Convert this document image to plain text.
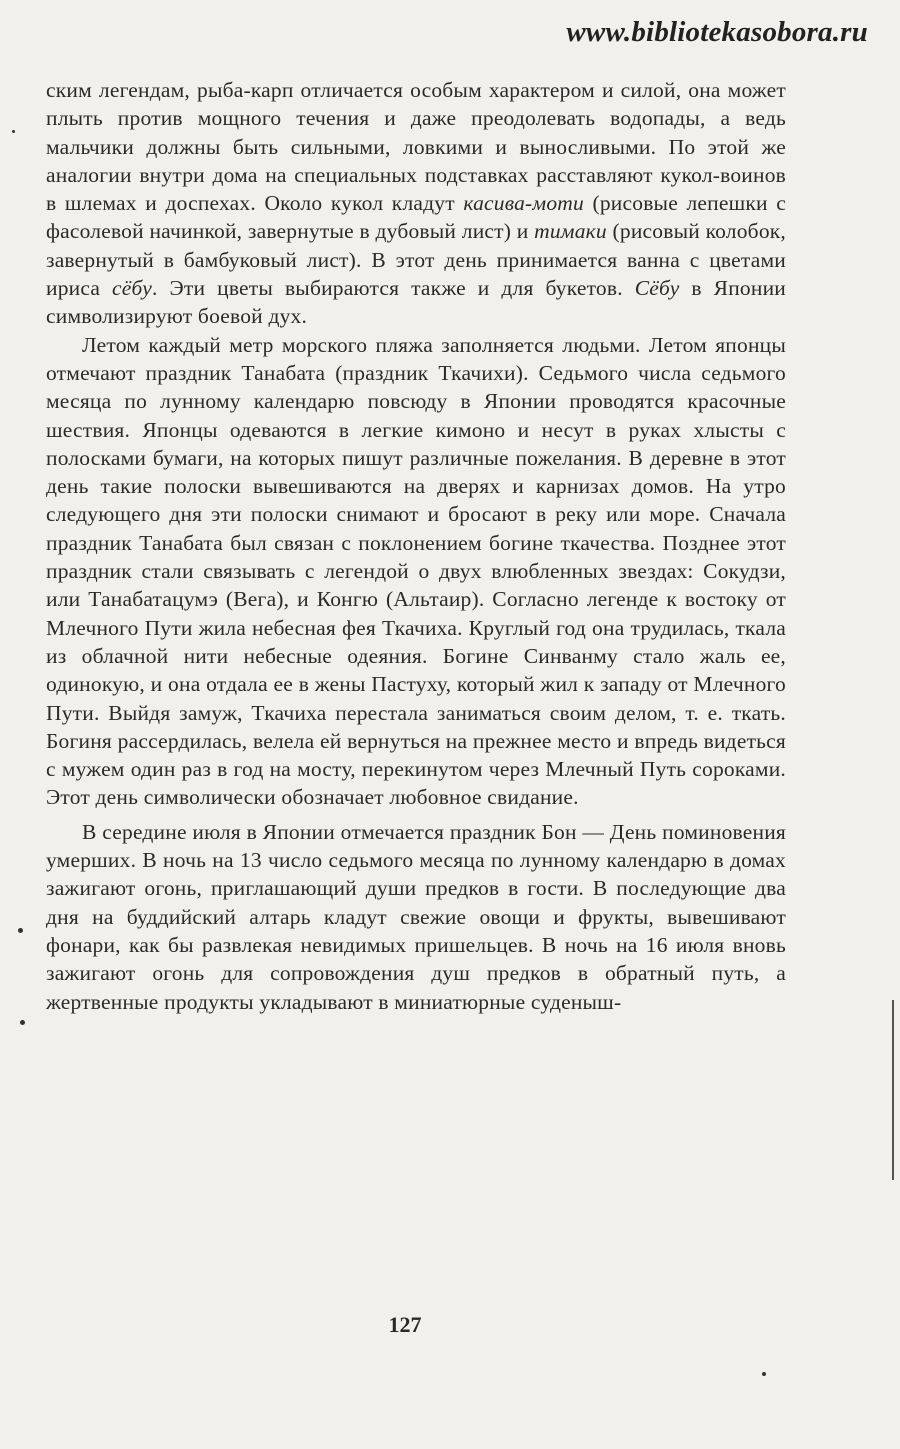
www.bibliotekasobora.ru

ским легендам, рыба-карп отличается особым характером и силой, она может плыть против мощного течения и даже преодолевать водопады, а ведь мальчики должны быть сильными, ловкими и выносливыми. По этой же аналогии внутри дома на специальных подставках расставляют кукол-воинов в шлемах и доспехах. Около кукол кладут касива-моти (рисовые лепешки с фасолевой начинкой, завернутые в дубовый лист) и тимаки (рисовый колобок, завернутый в бамбуковый лист). В этот день принимается ванна с цветами ириса сёбу. Эти цветы выбираются также и для букетов. Сёбу в Японии символизируют боевой дух.

Летом каждый метр морского пляжа заполняется людьми. Летом японцы отмечают праздник Танабата (праздник Ткачихи). Седьмого числа седьмого месяца по лунному календарю повсюду в Японии проводятся красочные шествия. Японцы одеваются в легкие кимоно и несут в руках хлысты с полосками бумаги, на которых пишут различные пожелания. В деревне в этот день такие полоски вывешиваются на дверях и карнизах домов. На утро следующего дня эти полоски снимают и бросают в реку или море. Сначала праздник Танабата был связан с поклонением богине ткачества. Позднее этот праздник стали связывать с легендой о двух влюбленных звездах: Сокудзи, или Танабатацумэ (Вега), и Конгю (Альтаир). Согласно легенде к востоку от Млечного Пути жила небесная фея Ткачиха. Круглый год она трудилась, ткала из облачной нити небесные одеяния. Богине Синванму стало жаль ее, одинокую, и она отдала ее в жены Пастуху, который жил к западу от Млечного Пути. Выйдя замуж, Ткачиха перестала заниматься своим делом, т. е. ткать. Богиня рассердилась, велела ей вернуться на прежнее место и впредь видеться с мужем один раз в год на мосту, перекинутом через Млечный Путь сороками. Этот день символически обозначает любовное свидание.

В середине июля в Японии отмечается праздник Бон — День поминовения умерших. В ночь на 13 число седьмого месяца по лунному календарю в домах зажигают огонь, приглашающий души предков в гости. В последующие два дня на буддийский алтарь кладут свежие овощи и фрукты, вывешивают фонари, как бы развлекая невидимых пришельцев. В ночь на 16 июля вновь зажигают огонь для сопровождения душ предков в обратный путь, а жертвенные продукты укладывают в миниатюрные суденыш-

127
